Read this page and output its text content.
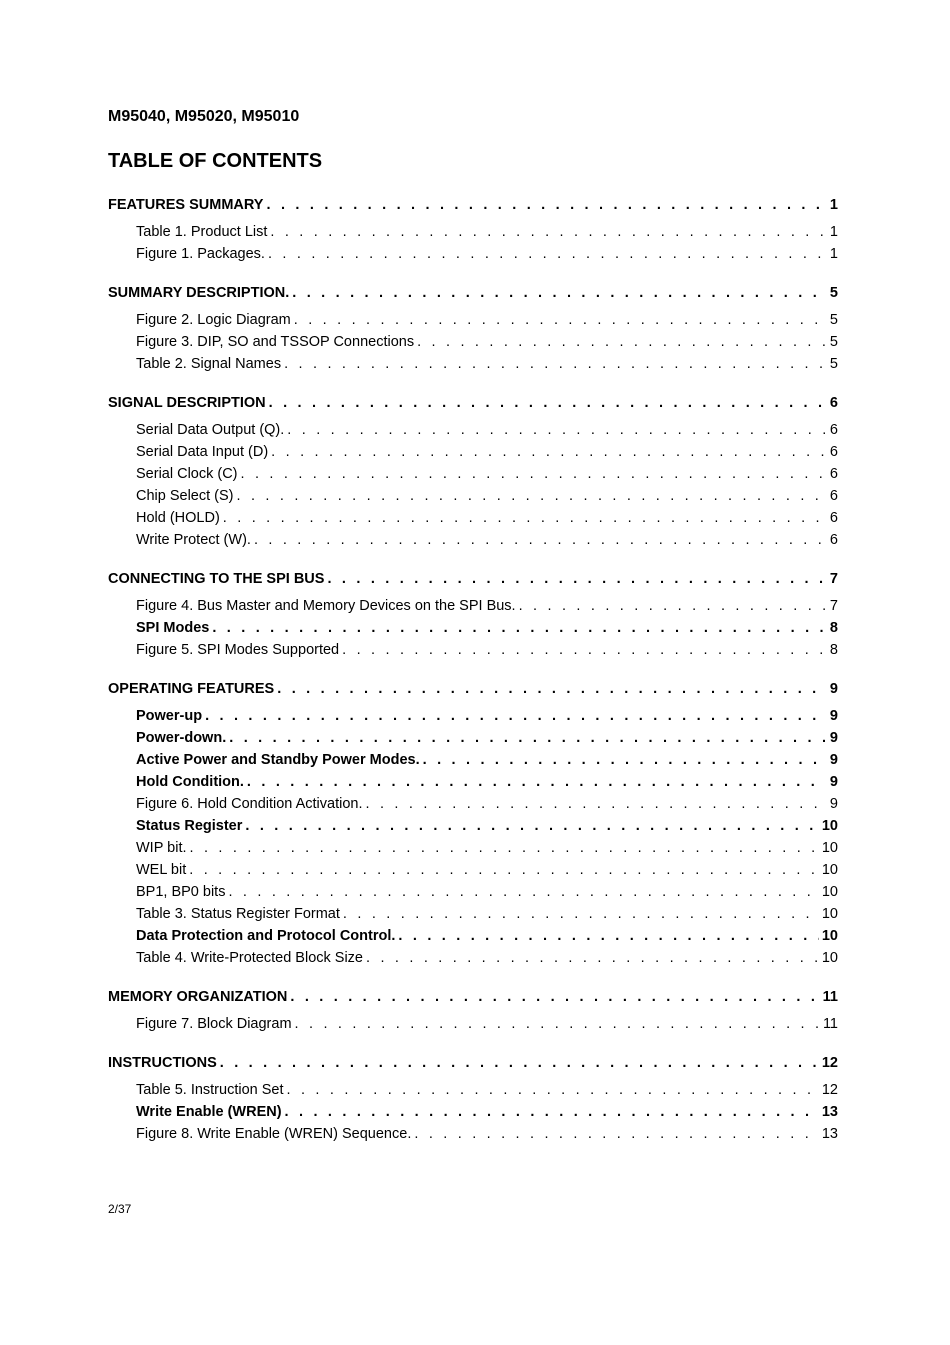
M95040, M95020, M95010
TABLE OF CONTENTS
FEATURES SUMMARY . . .	1
Table 1. Product List . . .	1
Figure 1. Packages. . . .	1
SUMMARY DESCRIPTION. . . .	5
Figure 2. Logic Diagram . . .	5
Figure 3. DIP, SO and TSSOP Connections . . .	5
Table 2. Signal Names . . .	5
SIGNAL DESCRIPTION . . .	6
Serial Data Output (Q). . . .	6
Serial Data Input (D) . . .	6
Serial Clock (C) . . .	6
Chip Select (S) . . .	6
Hold (HOLD) . . .	6
Write Protect (W). . . .	6
CONNECTING TO THE SPI BUS . . .	7
Figure 4. Bus Master and Memory Devices on the SPI Bus. . . .	7
SPI Modes . . .	8
Figure 5. SPI Modes Supported . . .	8
OPERATING FEATURES . . .	9
Power-up . . .	9
Power-down. . . .	9
Active Power and Standby Power Modes. . . .	9
Hold Condition. . . .	9
Figure 6. Hold Condition Activation. . . .	9
Status Register . . .	10
WIP bit. . . .	10
WEL bit . . .	10
BP1, BP0 bits . . .	10
Table 3. Status Register Format . . .	10
Data Protection and Protocol Control. . . .	10
Table 4. Write-Protected Block Size . . .	10
MEMORY ORGANIZATION . . .	11
Figure 7. Block Diagram . . .	11
INSTRUCTIONS . . .	12
Table 5. Instruction Set . . .	12
Write Enable (WREN) . . .	13
Figure 8. Write Enable (WREN) Sequence. . . .	13
2/37
